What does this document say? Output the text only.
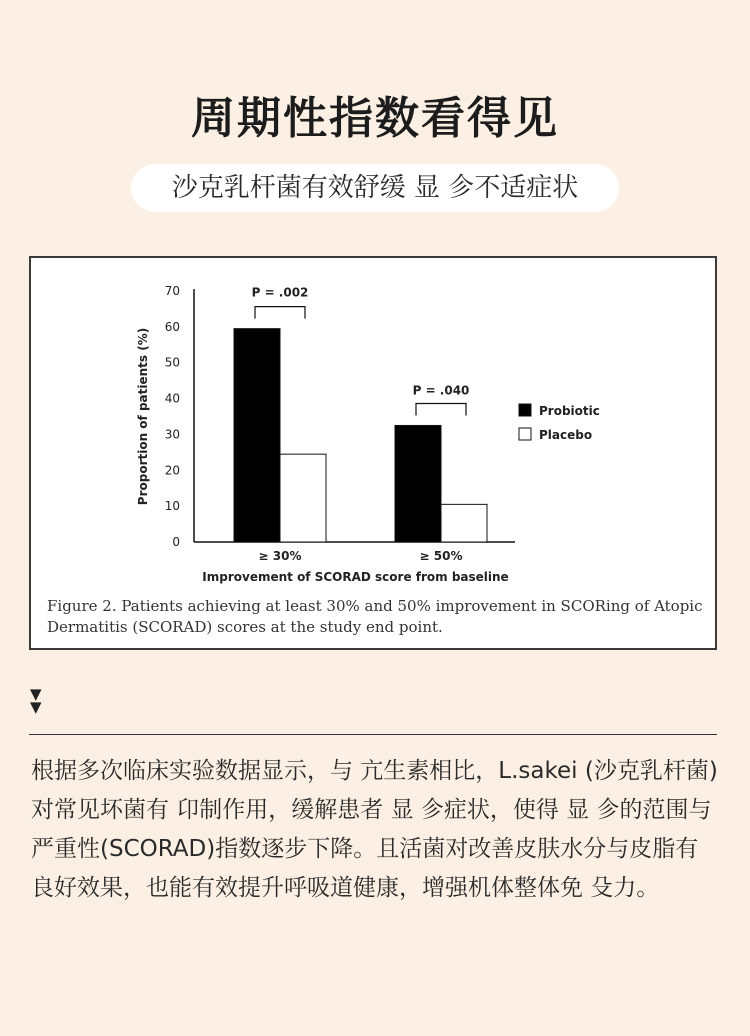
周期性指数看得见
沙克乳杆菌有效舒缓 显 㐱不适症状
0
10
20
30
40
50
60
70
Proportion of patients (%)
≥ 30%	≥ 50%
Improvement of SCORAD score from baseline
P = .002
P = .040
Probiotic
Placebo
Figure 2. Patients achieving at least 30% and 50% improvement in SCORing of Atopic Dermatitis (SCORAD) scores at the study end point.
▼
▼
根据多次临床实验数据显示，与 亢生素相比，L.sakei (沙克乳杆菌) 对常见坏菌有 卬制作用，缓解患者 显 㐱症状，使得 显 㐱的范围与严重性(SCORAD)指数逐步下降。且活菌对改善皮肤水分与皮脂有良好效果，也能有效提升呼吸道健康，增强机体整体免 殳力。
